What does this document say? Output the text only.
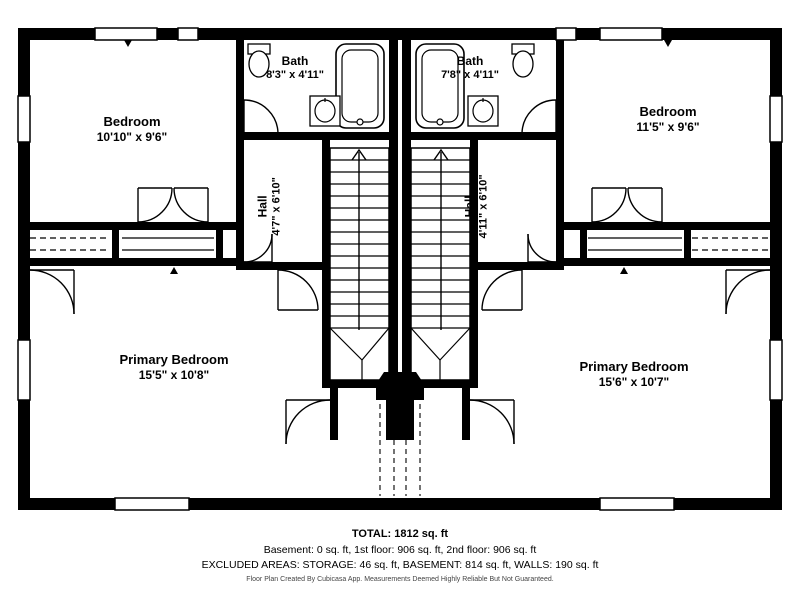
Bedroom
10'10" x 9'6"
Bath
8'3" x 4'11"
Bath
7'8" x 4'11"
Bedroom
11'5" x 9'6"
Hall 4'7" x 6'10"	Hall 4'11" x 6'10"
Primary Bedroom
15'5" x 10'8"
Primary Bedroom
15'6" x 10'7"
TOTAL: 1812 sq. ft
Basement: 0 sq. ft, 1st floor: 906 sq. ft, 2nd floor: 906 sq. ft
EXCLUDED AREAS: STORAGE: 46 sq. ft, BASEMENT: 814 sq. ft, WALLS: 190 sq. ft
Floor Plan Created By Cubicasa App. Measurements Deemed Highly Reliable But Not Guaranteed.
